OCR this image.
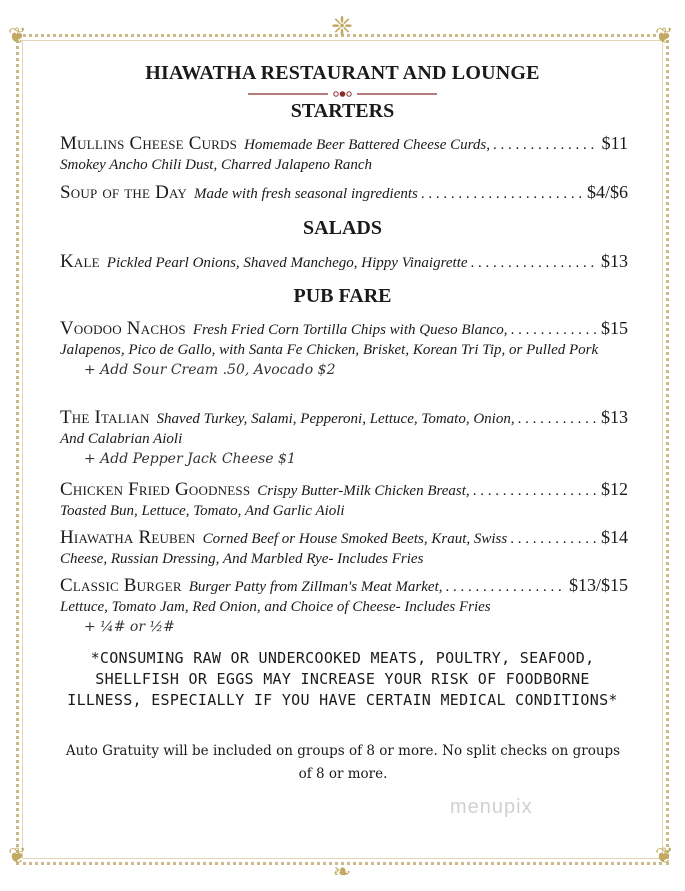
❦	❦
❦	❦
❈
❧
HIAWATHA RESTAURANT AND LOUNGE
STARTERS
Mullins Cheese Curds Homemade Beer Battered Cheese Curds, . . .	$11
Smokey Ancho Chili Dust, Charred Jalapeno Ranch
Soup of the Day Made with fresh seasonal ingredients . . .	$4/$6
SALADS
Kale Pickled Pearl Onions, Shaved Manchego, Hippy Vinaigrette . . .	$13
PUB FARE
Voodoo Nachos Fresh Fried Corn Tortilla Chips with Queso Blanco, . . .	$15
Jalapenos, Pico de Gallo, with Santa Fe Chicken, Brisket, Korean Tri Tip, or Pulled Pork
+ Add Sour Cream .50, Avocado $2
The Italian Shaved Turkey, Salami, Pepperoni, Lettuce, Tomato, Onion, . . .	$13
And Calabrian Aioli
+ Add Pepper Jack Cheese $1
Chicken Fried Goodness Crispy Butter-Milk Chicken Breast, . . .	$12
Toasted Bun, Lettuce, Tomato, And Garlic Aioli
Hiawatha Reuben Corned Beef or House Smoked Beets, Kraut, Swiss . . .	$14
Cheese, Russian Dressing, And Marbled Rye- Includes Fries
Classic Burger Burger Patty from Zillman's Meat Market, . . .	$13/$15
Lettuce, Tomato Jam, Red Onion, and Choice of Cheese- Includes Fries
+ ¼# or ½#
*CONSUMING RAW OR UNDERCOOKED MEATS, POULTRY, SEAFOOD, SHELLFISH OR EGGS MAY INCREASE YOUR RISK OF FOODBORNE ILLNESS, ESPECIALLY IF YOU HAVE CERTAIN MEDICAL CONDITIONS*
Auto Gratuity will be included on groups of 8 or more. No split checks on groups of 8 or more.
menupix
